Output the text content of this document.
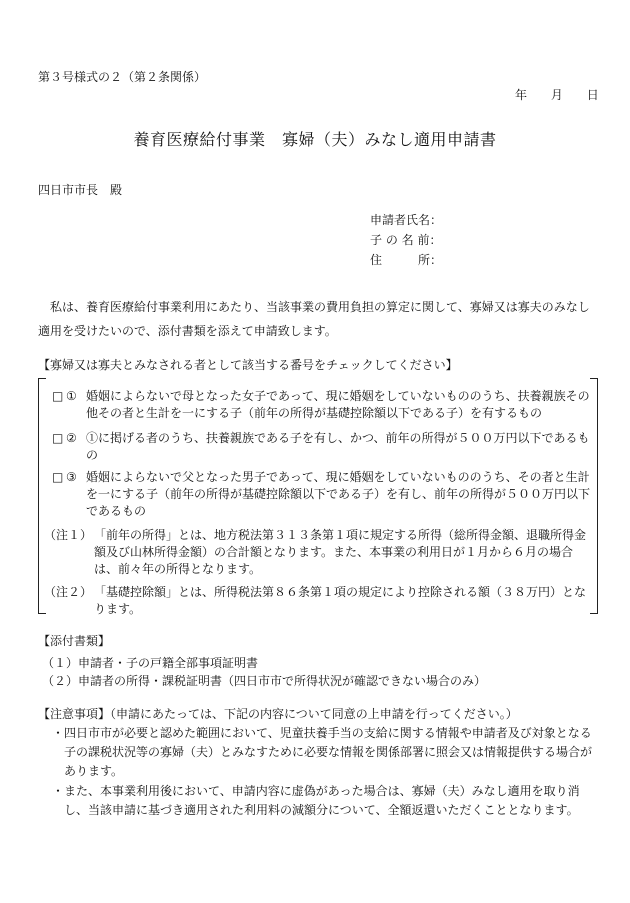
第３号様式の２（第２条関係）
年 月 日
養育医療給付事業　寡婦（夫）みなし適用申請書
四日市市長　殿
申請者氏名：
子 の 名 前：
住　　　所：
私は、養育医療給付事業利用にあたり、当該事業の費用負担の算定に関して、寡婦又は寡夫のみなし適用を受けたいので、添付書類を添えて申請致します。
【寡婦又は寡夫とみなされる者として該当する番号をチェックしてください】
□ ① 婚姻によらないで母となった女子であって、現に婚姻をしていないもののうち、扶養親族その他その者と生計を一にする子（前年の所得が基礎控除額以下である子）を有するもの
□ ② ①に掲げる者のうち、扶養親族である子を有し、かつ、前年の所得が５００万円以下であるもの
□ ③ 婚姻によらないで父となった男子であって、現に婚姻をしていないもののうち、その者と生計を一にする子（前年の所得が基礎控除額以下である子）を有し、前年の所得が５００万円以下であるもの
（注１） 「前年の所得」とは、地方税法第３１３条第１項に規定する所得（総所得金額、退職所得金額及び山林所得金額）の合計額となります。また、本事業の利用日が１月から６月の場合は、前々年の所得となります。
（注２） 「基礎控除額」とは、所得税法第８６条第１項の規定により控除される額（３８万円）となります。
【添付書類】
（１）申請者・子の戸籍全部事項証明書
（２）申請者の所得・課税証明書（四日市市で所得状況が確認できない場合のみ）
【注意事項】（申請にあたっては、下記の内容について同意の上申請を行ってください。）
・ 四日市市が必要と認めた範囲において、児童扶養手当の支給に関する情報や申請者及び対象となる子の課税状況等の寡婦（夫）とみなすために必要な情報を関係部署に照会又は情報提供する場合があります。
・ また、本事業利用後において、申請内容に虚偽があった場合は、寡婦（夫）みなし適用を取り消し、当該申請に基づき適用された利用料の減額分について、全額返還いただくこととなります。
